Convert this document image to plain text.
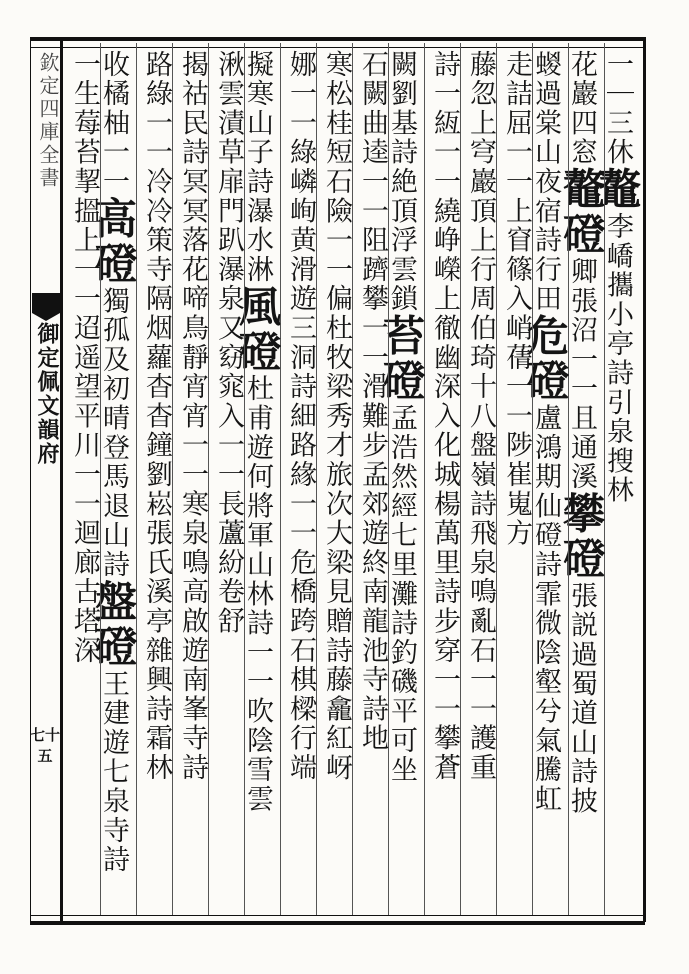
欽定四庫全書
御定佩文韻府
七十五
一｜三休鼇李嶠攜小亭詩引泉搜林
花巖四窓鼇磴卿張沼一一且通溪攀磴張説過蜀道山詩披
蝬過棠山夜宿詩行田危磴盧鴻期仙磴詩霏微陰壑兮氣騰虹
走詰屈一一上窅篠入峭蒨一一陟崔嵬方
藤忽上穹巖頂上行周伯琦十八盤嶺詩飛泉鳴亂石一一護重
詩一絚一一繞峥嶸上徹幽深入化城楊萬里詩步穿一一攀蒼
闕劉基詩絶頂浮雲鎖苔磴孟浩然經七里灘詩釣磯平可坐
石闕曲逵一一阻躋攀一一滑難步孟郊遊終南龍池寺詩地
寒松桂短石險一一偏杜牧梁秀才旅次大梁見贈詩藤龕紅岈
娜一一綠嶙峋黄滑遊三洞詩細路緣一一危橋跨石棋樑行端
擬寒山子詩瀑水淋風磴杜甫遊何將軍山林詩一一吹陰雪雲
湫雲漬草扉門趴瀑泉又窈窕入一一長蘆紛卷舒
揭祜民詩冥冥落花啼鳥靜宵宵一一寒泉鳴高啟遊南峯寺詩
路綠一一冷冷策寺隔烟蘿杳杳鐘劉崧張氏溪亭雜興詩霜林
收橘柚一一高磴獨孤及初晴登馬退山詩盤磴王建遊七泉寺詩
一生莓苔挈搵上一一迢遥望平川一一迴廊古塔深
